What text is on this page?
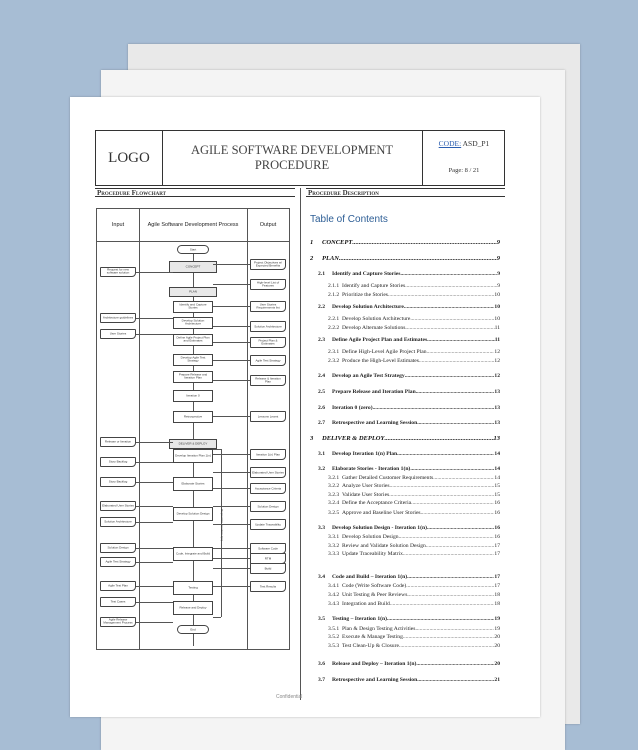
LOGO	AGILE SOFTWARE DEVELOPMENT
PROCEDURE
CODE: ASD_P1
Page: 8 / 21
Procedure Flowchart	Procedure Description
Input	Agile Software Development Process	Output
Start
CONCEPT
PLAN
Identify and Capture Stories
Develop Solution Architecture
Define Agile Project Plan and Estimates
Develop Agile Test Strategy
Prepare Release and Iteration Plan
Iteration 0
Retrospective
DELIVER & DEPLOY
Develop Iteration Plan 1(n)
Elaborate Stories
Develop Solution Design
Code, Integrate and Build
Testing
Release and Deploy
End
Repeat for Iteration 1(n)
Request for new software solution
Architecture guidelines
User Stories
Release or Iteration
Story Backlog
Story Backlog
Elaborated User Stories
Solution Architecture
Solution Design
Agile Test Strategy
Agile Test Plan
Test Cases
Agile Release Management Process
Project Objectives w/ Expected Benefits
High-level List of Features
User Stories Requirements list
Solution Architecture
Project Plan & Estimates
Agile Test Strategy
Release & Iteration Plan
Lessons Learnt
Iteration 1(n) Plan
Elaborated User Stories
Acceptance Criteria
Solution Design
Update Traceability
Software Code
RTM
Build
Test Results
Table of Contents
1	CONCEPT .....	9
2	PLAN .....	9
2.1	Identify and Capture Stories .....	9
2.1.1 Identify and Capture Stories .....	9
2.1.2 Prioritize the Stories .....	10
2.2	Develop Solution Architecture .....	10
2.2.1 Develop Solution Architecture .....	10
2.2.2 Develop Alternate Solutions .....	11
2.3	Define Agile Project Plan and Estimates .....	11
2.3.1 Define High-Level Agile Project Plan .....	12
2.3.2 Produce the High-Level Estimates .....	12
2.4	Develop an Agile Test Strategy .....	12
2.5	Prepare Release and Iteration Plan .....	13
2.6	Iteration 0 (zero) .....	13
2.7	Retrospective and Learning Session .....	13
3	DELIVER & DEPLOY .....	13
3.1	Develop Iteration 1(n) Plan .....	14
3.2	Elaborate Stories - Iteration 1(n) .....	14
3.2.1 Gather Detailed Customer Requirements .....	14
3.2.2 Analyze User Stories .....	15
3.2.3 Validate User Stories .....	15
3.2.4 Define the Acceptance Criteria .....	16
3.2.5 Approve and Baseline User Stories .....	16
3.3	Develop Solution Design - Iteration 1(n) .....	16
3.3.1 Develop Solution Design .....	16
3.3.2 Review and Validate Solution Design .....	17
3.3.3 Update Traceability Matrix .....	17
3.4	Code and Build – Iteration 1(n) .....	17
3.4.1 Code (Write Software Code) .....	17
3.4.2 Unit Testing & Peer Reviews .....	18
3.4.3 Integration and Build .....	18
3.5	Testing – Iteration 1(n) .....	19
3.5.1 Plan & Design Testing Activities .....	19
3.5.2 Execute & Manage Testing .....	20
3.5.3 Test Clean-Up & Closure .....	20
3.6	Release and Deploy – Iteration 1(n) .....	20
3.7	Retrospective and Learning Session .....	21
Confidential
